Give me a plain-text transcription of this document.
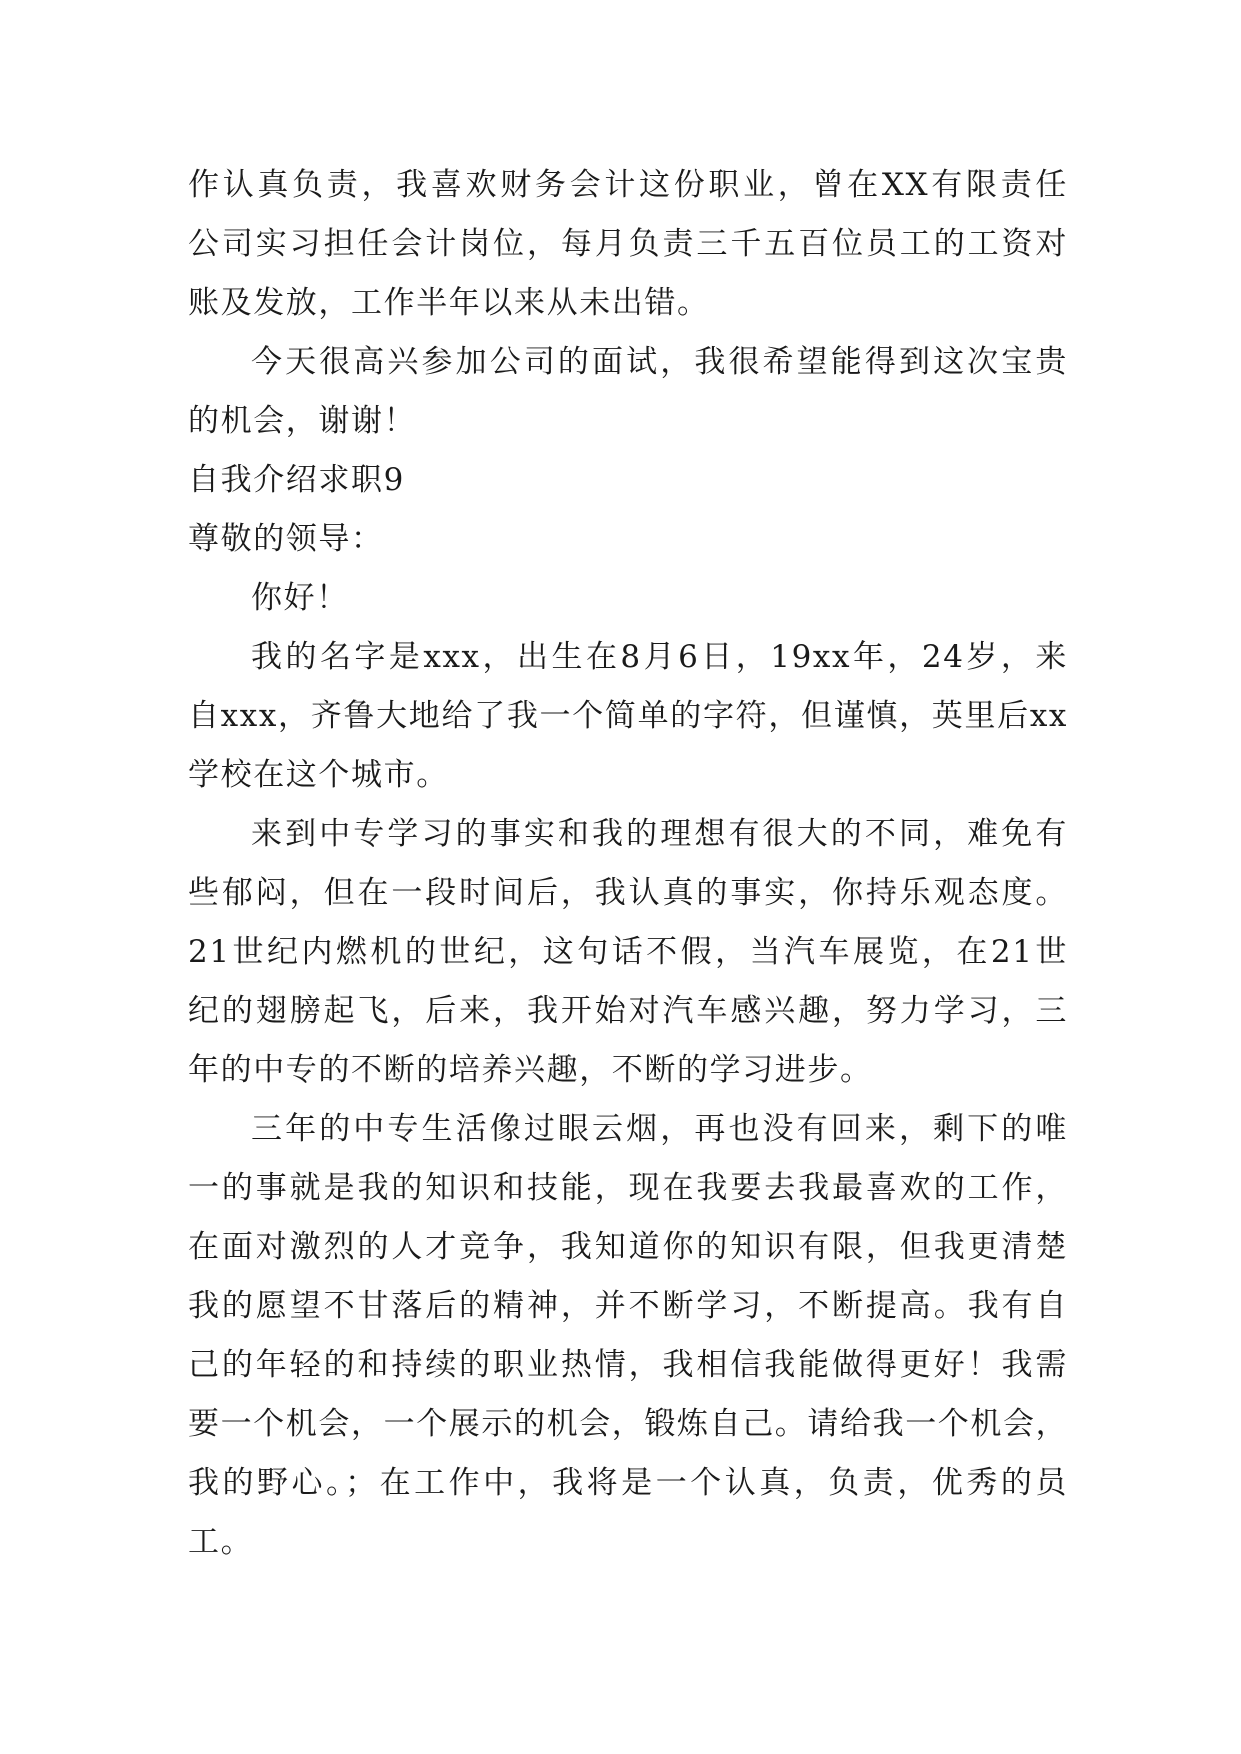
作认真负责，我喜欢财务会计这份职业，曾在XX有限责任
公司实习担任会计岗位，每月负责三千五百位员工的工资对
账及发放，工作半年以来从未出错。
今天很高兴参加公司的面试，我很希望能得到这次宝贵
的机会，谢谢！
自我介绍求职9
尊敬的领导：
你好！
我的名字是xxx，出生在8月6日，19xx年，24岁，来
自xxx，齐鲁大地给了我一个简单的字符，但谨慎，英里后xx
学校在这个城市。
来到中专学习的事实和我的理想有很大的不同，难免有
些郁闷，但在一段时间后，我认真的事实，你持乐观态度。
21世纪内燃机的世纪，这句话不假，当汽车展览，在21世
纪的翅膀起飞，后来，我开始对汽车感兴趣，努力学习，三
年的中专的不断的培养兴趣，不断的学习进步。
三年的中专生活像过眼云烟，再也没有回来，剩下的唯
一的事就是我的知识和技能，现在我要去我最喜欢的工作，
在面对激烈的人才竞争，我知道你的知识有限，但我更清楚
我的愿望不甘落后的精神，并不断学习，不断提高。我有自
己的年轻的和持续的职业热情，我相信我能做得更好！我需
要一个机会，一个展示的机会，锻炼自己。请给我一个机会，
我的野心。；在工作中，我将是一个认真，负责，优秀的员
工。
